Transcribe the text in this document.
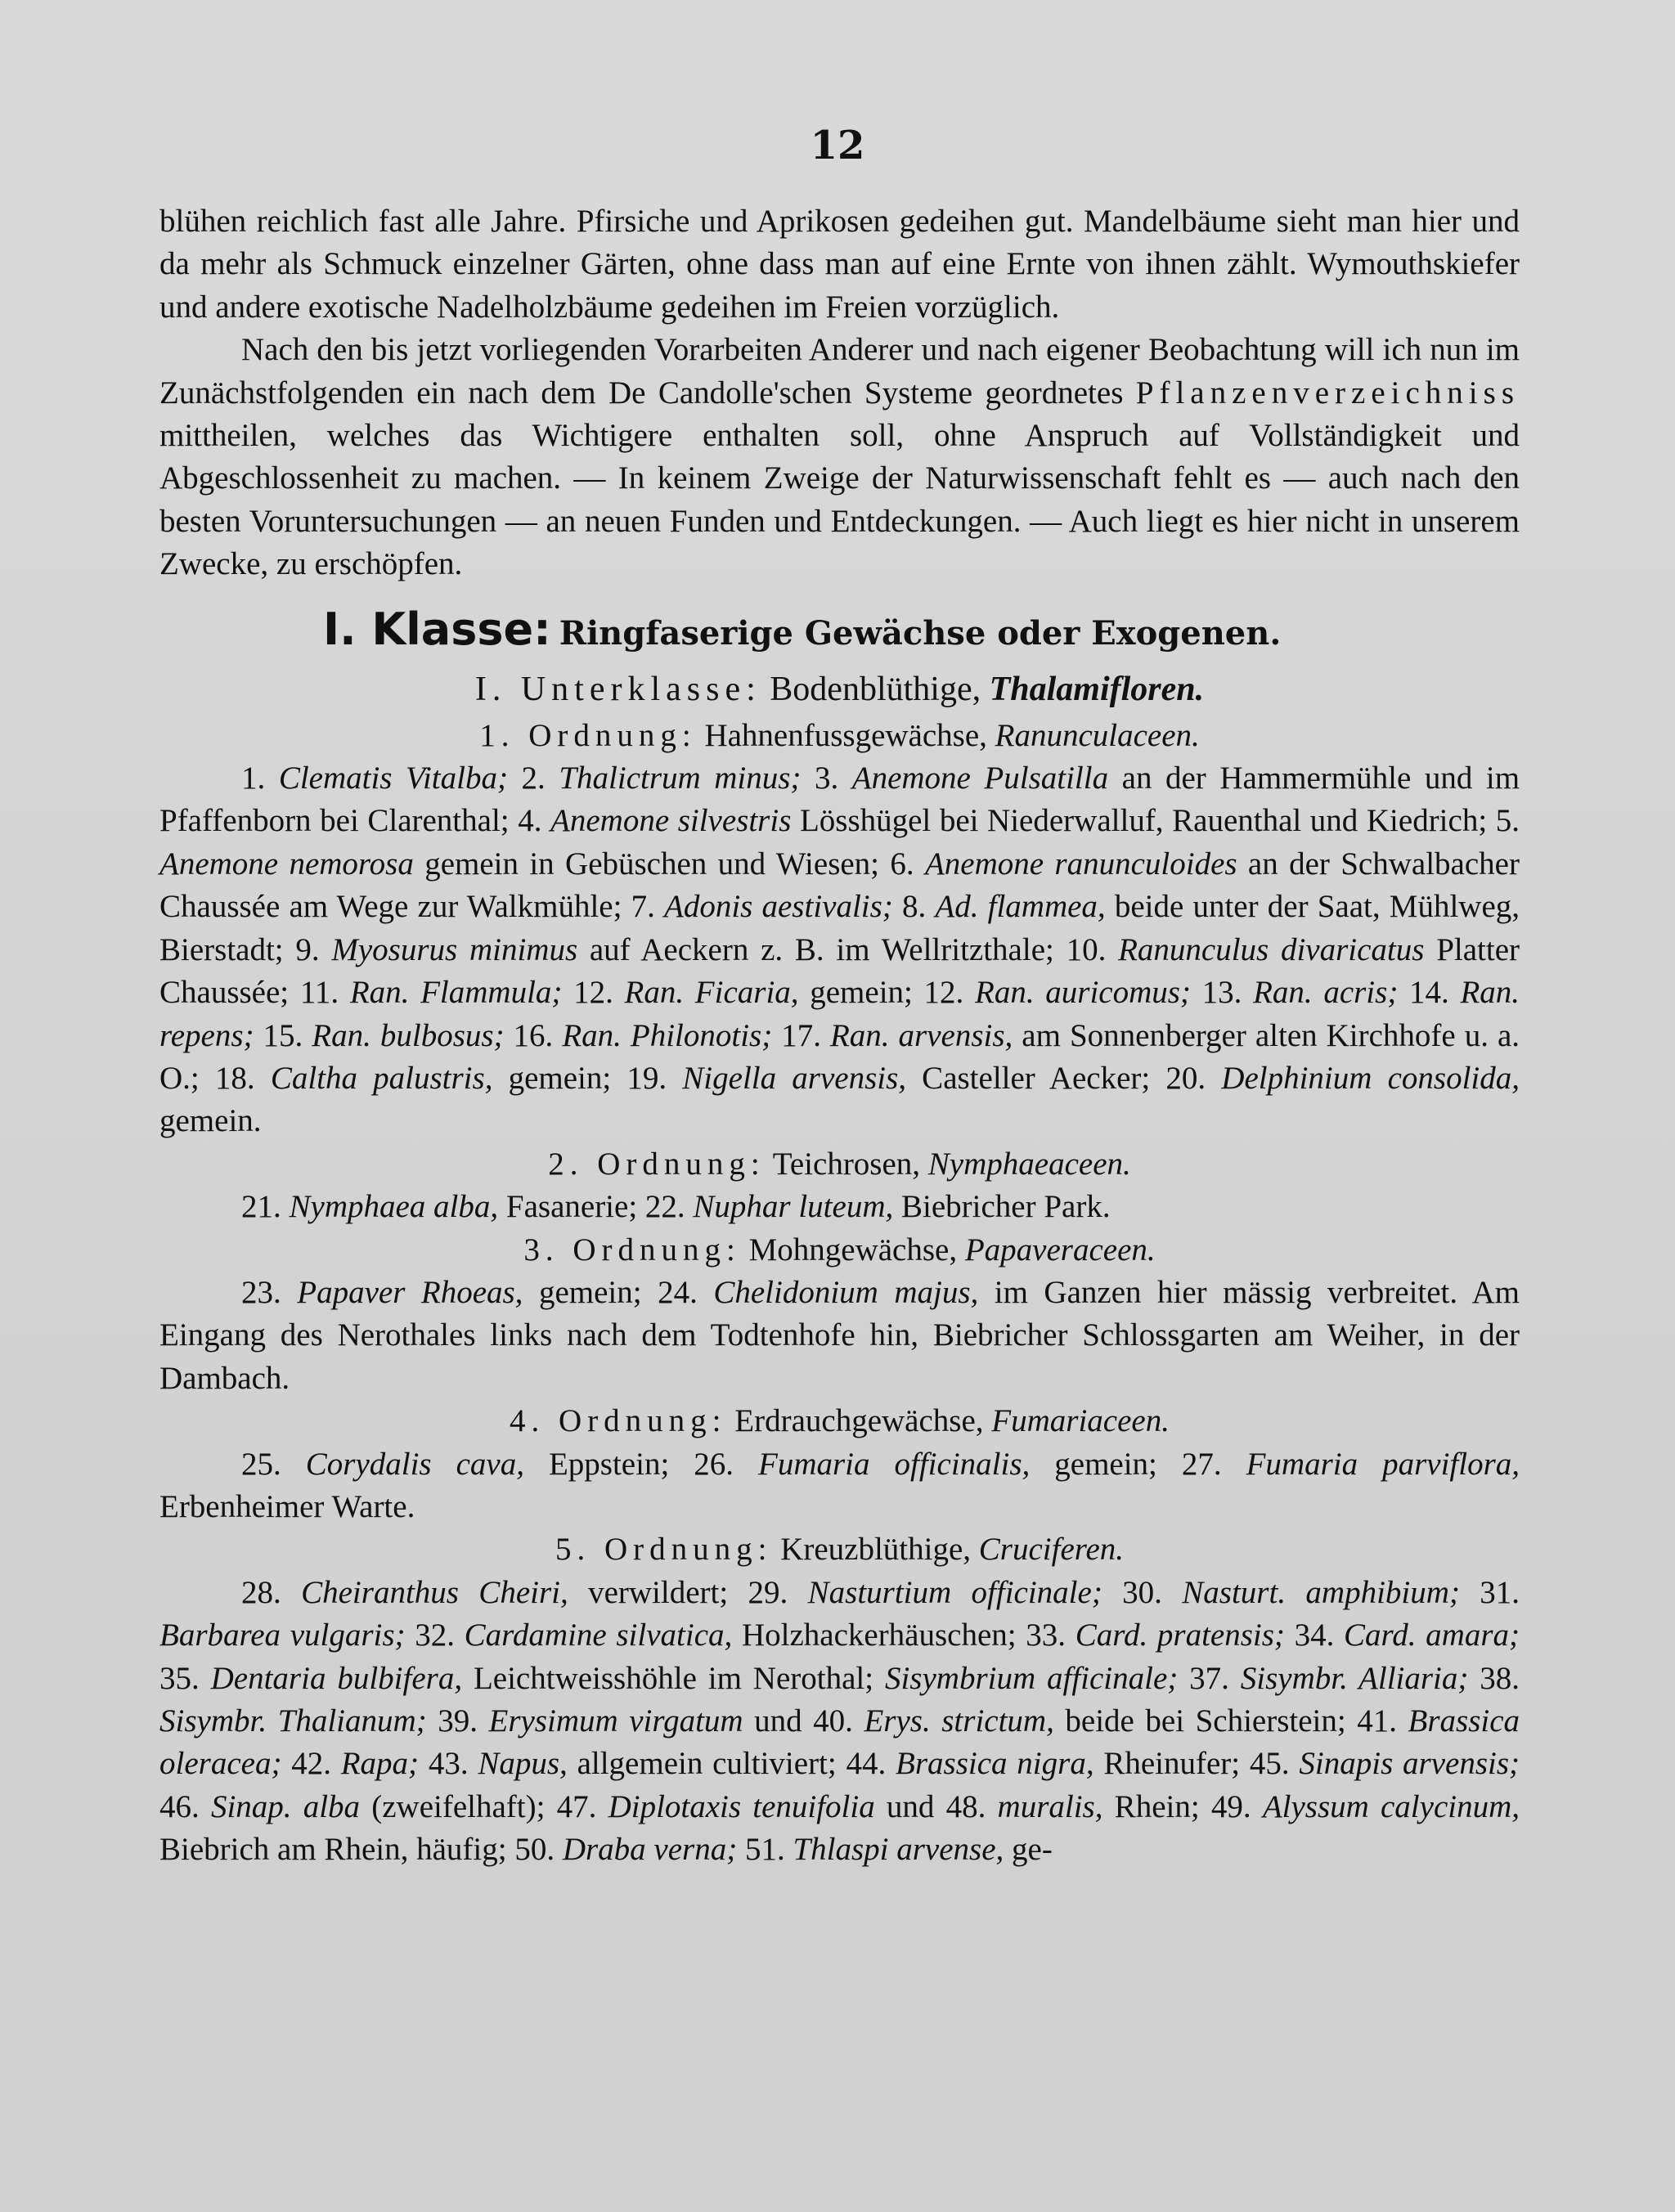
12

blühen reichlich fast alle Jahre. Pfirsiche und Aprikosen gedeihen gut. Mandelbäume sieht man hier und da mehr als Schmuck einzelner Gärten, ohne dass man auf eine Ernte von ihnen zählt. Wymouthskiefer und andere exotische Nadelholzbäume gedeihen im Freien vorzüglich.

Nach den bis jetzt vorliegenden Vorarbeiten Anderer und nach eigener Beobachtung will ich nun im Zunächstfolgenden ein nach dem De Candolle'schen Systeme geordnetes Pflanzenverzeichniss mittheilen, welches das Wichtigere enthalten soll, ohne Anspruch auf Vollständigkeit und Abgeschlossenheit zu machen. — In keinem Zweige der Naturwissenschaft fehlt es — auch nach den besten Voruntersuchungen — an neuen Funden und Entdeckungen. — Auch liegt es hier nicht in unserem Zwecke, zu erschöpfen.

I. Klasse: Ringfaserige Gewächse oder Exogenen.
I. Unterklasse: Bodenblüthige, Thalamifloren.
1. Ordnung: Hahnenfussgewächse, Ranunculaceen.

1. Clematis Vitalba; 2. Thalictrum minus; 3. Anemone Pulsatilla an der Hammermühle und im Pfaffenborn bei Clarenthal; 4. Anemone silvestris Lösshügel bei Niederwalluf, Rauenthal und Kiedrich; 5. Anemone nemorosa gemein in Gebüschen und Wiesen; 6. Anemone ranunculoides an der Schwalbacher Chaussée am Wege zur Walkmühle; 7. Adonis aestivalis; 8. Ad. flammea, beide unter der Saat, Mühlweg, Bierstadt; 9. Myosurus minimus auf Aeckern z. B. im Wellritzthale; 10. Ranunculus divaricatus Platter Chaussée; 11. Ran. Flammula; 12. Ran. Ficaria, gemein; 12. Ran. auricomus; 13. Ran. acris; 14. Ran. repens; 15. Ran. bulbosus; 16. Ran. Philonotis; 17. Ran. arvensis, am Sonnenberger alten Kirchhofe u. a. O.; 18. Caltha palustris, gemein; 19. Nigella arvensis, Casteller Aecker; 20. Delphinium consolida, gemein.

2. Ordnung: Teichrosen, Nymphaeaceen.

21. Nymphaea alba, Fasanerie; 22. Nuphar luteum, Biebricher Park.

3. Ordnung: Mohngewächse, Papaveraceen.

23. Papaver Rhoeas, gemein; 24. Chelidonium majus, im Ganzen hier mässig verbreitet. Am Eingang des Nerothales links nach dem Todtenhofe hin, Biebricher Schlossgarten am Weiher, in der Dambach.

4. Ordnung: Erdrauchgewächse, Fumariaceen.

25. Corydalis cava, Eppstein; 26. Fumaria officinalis, gemein; 27. Fumaria parviflora, Erbenheimer Warte.

5. Ordnung: Kreuzblüthige, Cruciferen.

28. Cheiranthus Cheiri, verwildert; 29. Nasturtium officinale; 30. Nasturt. amphibium; 31. Barbarea vulgaris; 32. Cardamine silvatica, Holzhackerhäuschen; 33. Card. pratensis; 34. Card. amara; 35. Dentaria bulbifera, Leichtweisshöhle im Nerothal; Sisymbrium afficinale; 37. Sisymbr. Alliaria; 38. Sisymbr. Thalianum; 39. Erysimum virgatum und 40. Erys. strictum, beide bei Schierstein; 41. Brassica oleracea; 42. Rapa; 43. Napus, allgemein cultiviert; 44. Brassica nigra, Rheinufer; 45. Sinapis arvensis; 46. Sinap. alba (zweifelhaft); 47. Diplotaxis tenuifolia und 48. muralis, Rhein; 49. Alyssum calycinum, Biebrich am Rhein, häufig; 50. Draba verna; 51. Thlaspi arvense, ge-
